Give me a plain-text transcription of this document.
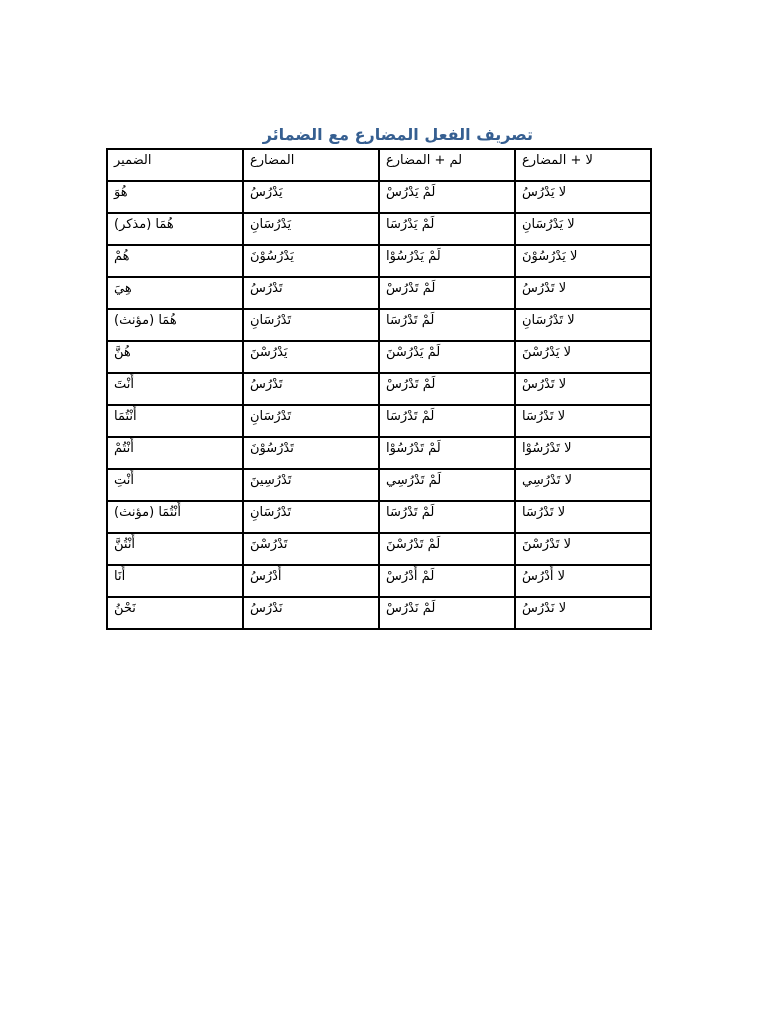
تصريف الفعل المضارع مع الضمائر
الضمير	المضارع	لم + المضارع	لا + المضارع

هُوَ	يَدْرُسُ	لَمْ يَدْرُسْ	لا يَدْرُسُ

هُمَا (مذكر)	يَدْرُسَانِ	لَمْ يَدْرُسَا	لا يَدْرُسَانِ

هُمْ	يَدْرُسُوْنَ	لَمْ يَدْرُسُوْا	لا يَدْرُسُوْنَ

هِيَ	تَدْرُسُ	لَمْ تَدْرُسْ	لا تَدْرُسُ

هُمَا (مؤنث)	تَدْرُسَانِ	لَمْ تَدْرُسَا	لا تَدْرُسَانِ

هُنَّ	يَدْرُسْنَ	لَمْ يَدْرُسْنَ	لا يَدْرُسْنَ

أَنْتَ	تَدْرُسُ	لَمْ تَدْرُسْ	لا تَدْرُسْ

أَنْتُمَا	تَدْرُسَانِ	لَمْ تَدْرُسَا	لا تَدْرُسَا

أَنْتُمْ	تَدْرُسُوْنَ	لَمْ تَدْرُسُوْا	لا تَدْرُسُوْا

أَنْتِ	تَدْرُسِينَ	لَمْ تَدْرُسِي	لا تَدْرُسِي

أَنْتُمَا (مؤنث)	تَدْرُسَانِ	لَمْ تَدْرُسَا	لا تَدْرُسَا

أَنْتُنَّ	تَدْرُسْنَ	لَمْ تَدْرُسْنَ	لا تَدْرُسْنَ

أَنَا	أَدْرُسُ	لَمْ أَدْرُسْ	لا أَدْرُسُ

نَحْنُ	نَدْرُسُ	لَمْ نَدْرُسْ	لا نَدْرُسُ
